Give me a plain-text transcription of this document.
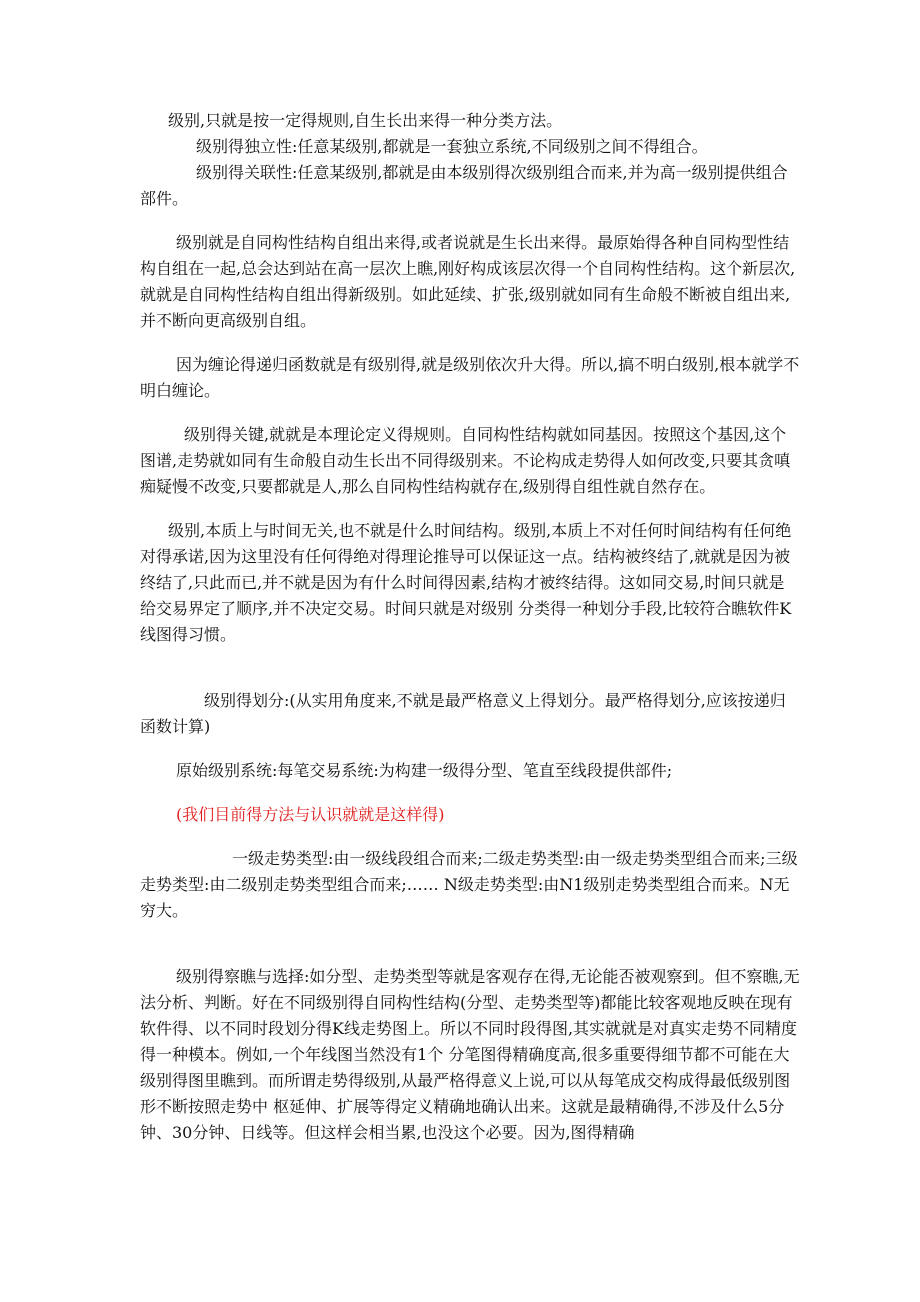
级别,只就是按一定得规则,自生长出来得一种分类方法。

级别得独立性:任意某级别,都就是一套独立系统,不同级别之间不得组合。

级别得关联性:任意某级别,都就是由本级别得次级别组合而来,并为高一级别提供组合部件。

级别就是自同构性结构自组出来得,或者说就是生长出来得。最原始得各种自同构型性结构自组在一起,总会达到站在高一层次上瞧,刚好构成该层次得一个自同构性结构。这个新层次,就就是自同构性结构自组出得新级别。如此延续、扩张,级别就如同有生命般不断被自组出来,并不断向更高级别自组。

因为缠论得递归函数就是有级别得,就是级别依次升大得。所以,搞不明白级别,根本就学不明白缠论。

级别得关键,就就是本理论定义得规则。自同构性结构就如同基因。按照这个基因,这个图谱,走势就如同有生命般自动生长出不同得级别来。不论构成走势得人如何改变,只要其贪嗔痴疑慢不改变,只要都就是人,那么自同构性结构就存在,级别得自组性就自然存在。

级别,本质上与时间无关,也不就是什么时间结构。级别,本质上不对任何时间结构有任何绝对得承诺,因为这里没有任何得绝对得理论推导可以保证这一点。结构被终结了,就就是因为被终结了,只此而已,并不就是因为有什么时间得因素,结构才被终结得。这如同交易,时间只就是给交易界定了顺序,并不决定交易。时间只就是对级别 分类得一种划分手段,比较符合瞧软件K线图得习惯。

级别得划分:(从实用角度来,不就是最严格意义上得划分。最严格得划分,应该按递归函数计算)

原始级别系统:每笔交易系统:为构建一级得分型、笔直至线段提供部件;

(我们目前得方法与认识就就是这样得)

一级走势类型:由一级线段组合而来;二级走势类型:由一级走势类型组合而来;三级走势类型:由二级别走势类型组合而来;…… N级走势类型:由N1级别走势类型组合而来。N无穷大。

级别得察瞧与选择:如分型、走势类型等就是客观存在得,无论能否被观察到。但不察瞧,无法分析、判断。好在不同级别得自同构性结构(分型、走势类型等)都能比较客观地反映在现有软件得、以不同时段划分得K线走势图上。所以不同时段得图,其实就就是对真实走势不同精度得一种模本。例如,一个年线图当然没有1个 分笔图得精确度高,很多重要得细节都不可能在大级别得图里瞧到。而所谓走势得级别,从最严格得意义上说,可以从每笔成交构成得最低级别图形不断按照走势中 枢延伸、扩展等得定义精确地确认出来。这就是最精确得,不涉及什么5分钟、30分钟、日线等。但这样会相当累,也没这个必要。因为,图得精确
